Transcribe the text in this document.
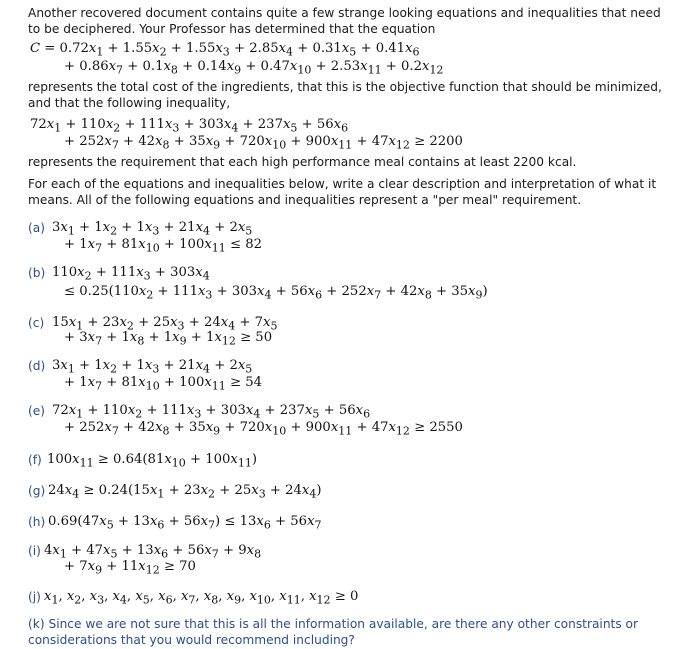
Another recovered document contains quite a few strange looking equations and inequalities that need to be deciphered. Your Professor has determined that the equation

$C = 0.72x_1 + 1.55x_2 + 1.55x_3 + 2.85x_4 + 0.31x_5 + 0.41x_6$
+ $0.86x_7 + 0.1x_8 + 0.14x_9 + 0.47x_{10} + 2.53x_{11} + 0.2x_{12}$

represents the total cost of the ingredients, that this is the objective function that should be minimized, and that the following inequality,

$72x_1 + 110x_2 + 111x_3 + 303x_4 + 237x_5 + 56x_6$
+ $252x_7 + 42x_8 + 35x_9 + 720x_{10} + 900x_{11} + 47x_{12} \ge 2200$

represents the requirement that each high performance meal contains at least 2200 kcal.

For each of the equations and inequalities below, write a clear description and interpretation of what it means. All of the following equations and inequalities represent a "per meal" requirement.

(a) $3x_1 + 1x_2 + 1x_3 + 21x_4 + 2x_5$
+ $1x_7 + 81x_{10} + 100x_{11} \le 82$
(b) $110x_2 + 111x_3 + 303x_4$
≤ $0.25(110x_2 + 111x_3 + 303x_4 + 56x_6 + 252x_7 + 42x_8 + 35x_9)$
(c) $15x_1 + 23x_2 + 25x_3 + 24x_4 + 7x_5$
+ $3x_7 + 1x_8 + 1x_9 + 1x_{12} \ge 50$
(d) $3x_1 + 1x_2 + 1x_3 + 21x_4 + 2x_5$
+ $1x_7 + 81x_{10} + 100x_{11} \ge 54$
(e) $72x_1 + 110x_2 + 111x_3 + 303x_4 + 237x_5 + 56x_6$
+ $252x_7 + 42x_8 + 35x_9 + 720x_{10} + 900x_{11} + 47x_{12} \ge 2550$
(f) $100x_{11} \ge 0.64(81x_{10} + 100x_{11})$
(g) $24x_4 \ge 0.24(15x_1 + 23x_2 + 25x_3 + 24x_4)$
(h) $0.69(47x_5 + 13x_6 + 56x_7) \le 13x_6 + 56x_7$
(i) $4x_1 + 47x_5 + 13x_6 + 56x_7 + 9x_8$
+ $7x_9 + 11x_{12} \ge 70$
(j) $x_1$, $x_2$, $x_3$, $x_4$, $x_5$, $x_6$, $x_7$, $x_8$, $x_9$, $x_{10}$, $x_{11}$, $x_{12} \ge 0$

(k) Since we are not sure that this is all the information available, are there any other constraints or considerations that you would recommend including?
